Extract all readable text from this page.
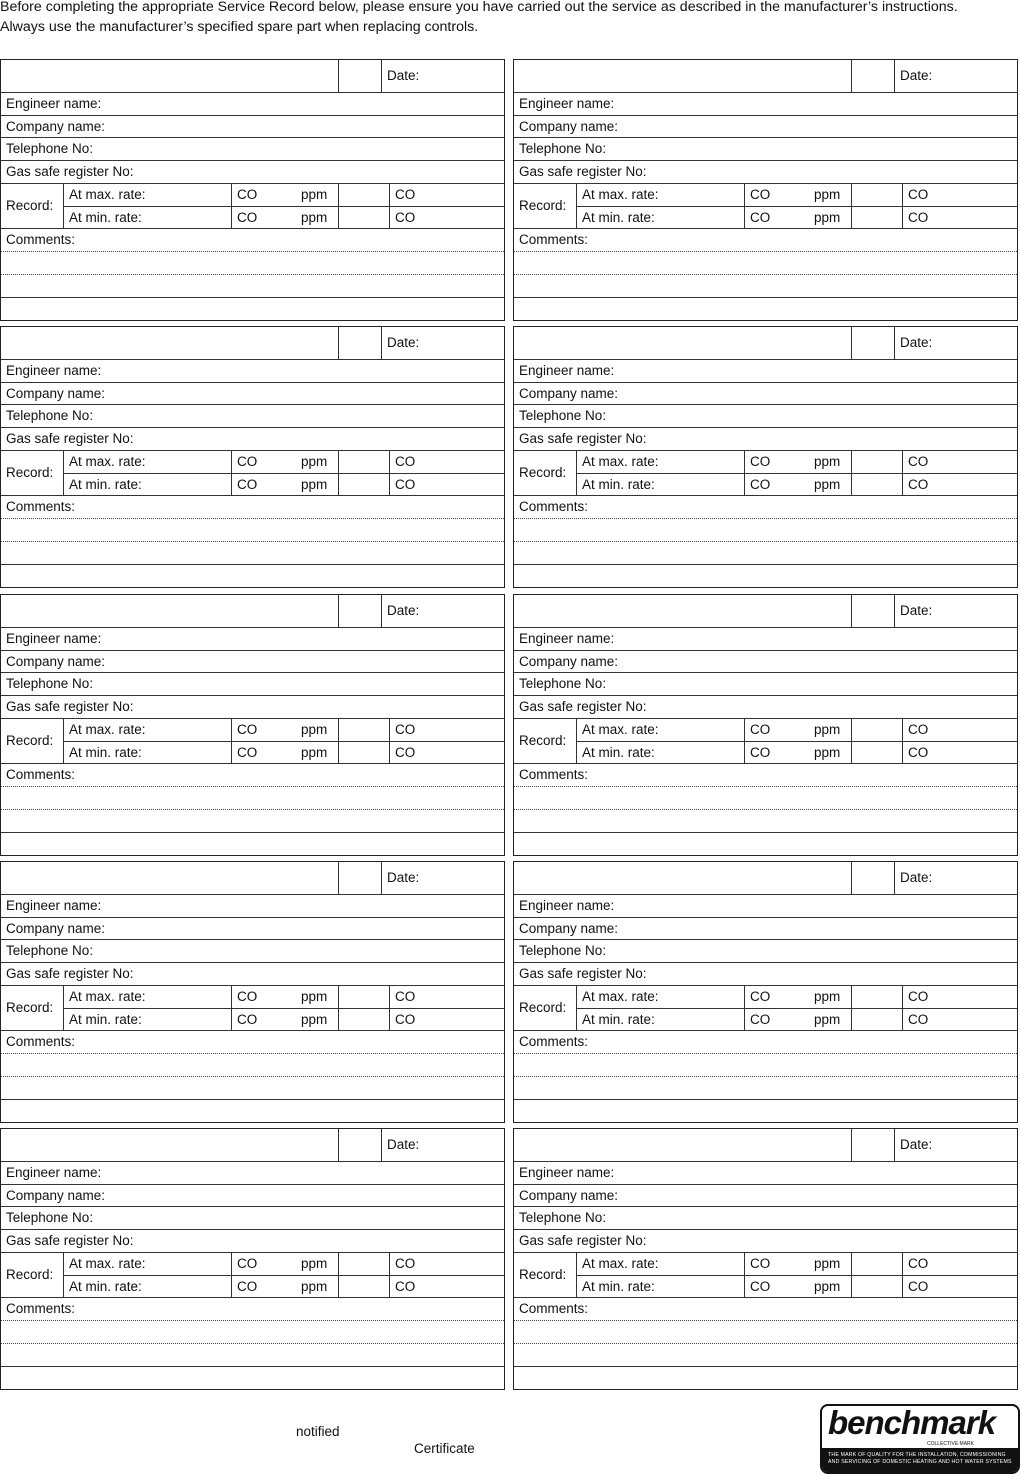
Before completing the appropriate Service Record below, please ensure you have carried out the service as described in the manufacturer’s instructions.

Always use the manufacturer’s specified spare part when replacing controls.

Date:
Engineer name:
Company name:
Telephone No:
Gas safe register No:
Record:
At max. rate:	CO	ppm	CO
At min. rate:	CO	ppm	CO
Comments:
Date:
Engineer name:
Company name:
Telephone No:
Gas safe register No:
Record:
At max. rate:	CO	ppm	CO
At min. rate:	CO	ppm	CO
Comments:
Date:
Engineer name:
Company name:
Telephone No:
Gas safe register No:
Record:
At max. rate:	CO	ppm	CO
At min. rate:	CO	ppm	CO
Comments:
Date:
Engineer name:
Company name:
Telephone No:
Gas safe register No:
Record:
At max. rate:	CO	ppm	CO
At min. rate:	CO	ppm	CO
Comments:
Date:
Engineer name:
Company name:
Telephone No:
Gas safe register No:
Record:
At max. rate:	CO	ppm	CO
At min. rate:	CO	ppm	CO
Comments:
Date:
Engineer name:
Company name:
Telephone No:
Gas safe register No:
Record:
At max. rate:	CO	ppm	CO
At min. rate:	CO	ppm	CO
Comments:
Date:
Engineer name:
Company name:
Telephone No:
Gas safe register No:
Record:
At max. rate:	CO	ppm	CO
At min. rate:	CO	ppm	CO
Comments:
Date:
Engineer name:
Company name:
Telephone No:
Gas safe register No:
Record:
At max. rate:	CO	ppm	CO
At min. rate:	CO	ppm	CO
Comments:
Date:
Engineer name:
Company name:
Telephone No:
Gas safe register No:
Record:
At max. rate:	CO	ppm	CO
At min. rate:	CO	ppm	CO
Comments:
Date:
Engineer name:
Company name:
Telephone No:
Gas safe register No:
Record:
At max. rate:	CO	ppm	CO
At min. rate:	CO	ppm	CO
Comments:
notified
Certificate
benchmark
COLLECTIVE MARK
THE MARK OF QUALITY FOR THE INSTALLATION, COMMISSIONING
AND SERVICING OF DOMESTIC HEATING AND HOT WATER SYSTEMS
